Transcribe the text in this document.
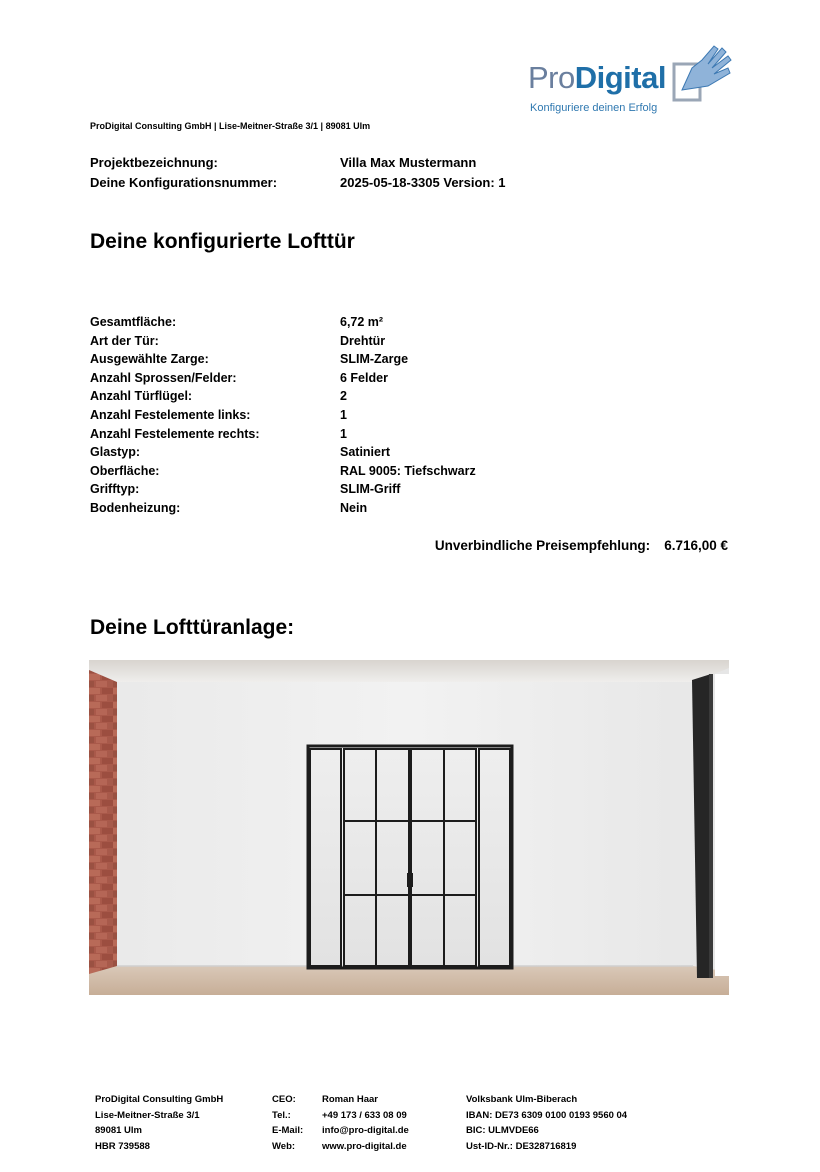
ProDigital
Konfiguriere deinen Erfolg
ProDigital Consulting GmbH | Lise-Meitner-Straße 3/1 | 89081 Ulm
Projektbezeichnung:	Villa Max Mustermann
Deine Konfigurationsnummer:	2025-05-18-3305 Version: 1
Deine konfigurierte Lofttür
Gesamtfläche:	6,72 m²
Art der Tür:	Drehtür
Ausgewählte Zarge:	SLIM-Zarge
Anzahl Sprossen/Felder:	6 Felder
Anzahl Türflügel:	2
Anzahl Festelemente links:	1
Anzahl Festelemente rechts:	1
Glastyp:	Satiniert
Oberfläche:	RAL 9005: Tiefschwarz
Grifftyp:	SLIM-Griff
Bodenheizung:	Nein
Unverbindliche Preisempfehlung: 6.716,00 €
Deine Lofttüranlage:
ProDigital Consulting GmbH
Lise-Meitner-Straße 3/1
89081 Ulm
HBR 739588
CEO:	Roman Haar
Tel.:	+49 173 / 633 08 09
E-Mail: info@pro-digital.de
Web:	www.pro-digital.de
Volksbank Ulm-Biberach
IBAN: DE73 6309 0100 0193 9560 04
BIC: ULMVDE66
Ust-ID-Nr.: DE328716819
